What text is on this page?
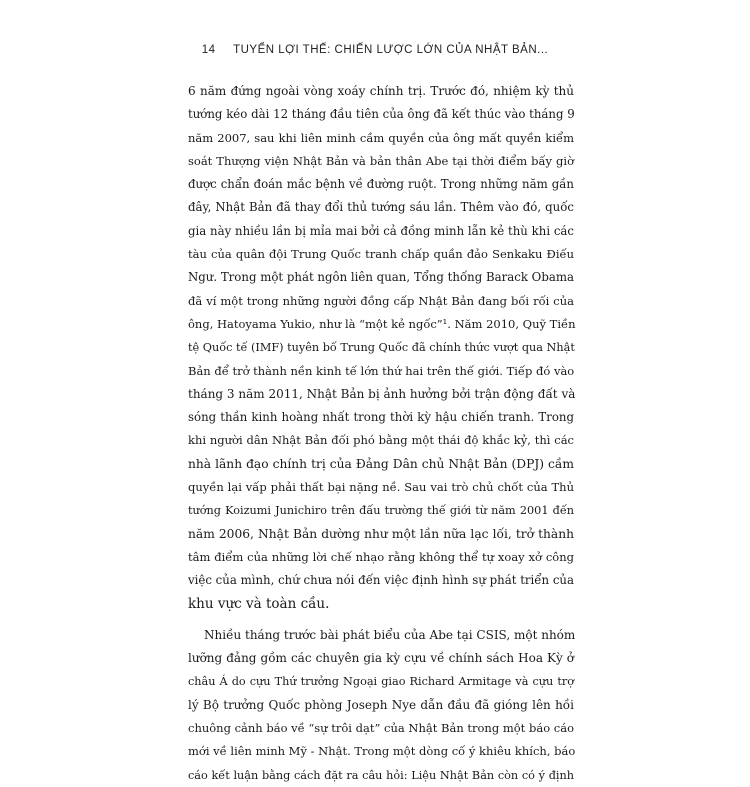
14 TUYỂN LỢI THẾ: CHIẾN LƯỢC LỚN CỦA NHẬT BẢN...
6 năm đứng ngoài vòng xoáy chính trị. Trước đó, nhiệm kỳ thủ
tướng kéo dài 12 tháng đầu tiên của ông đã kết thúc vào tháng 9
năm 2007, sau khi liên minh cầm quyền của ông mất quyền kiểm
soát Thượng viện Nhật Bản và bản thân Abe tại thời điểm bấy giờ
được chẩn đoán mắc bệnh về đường ruột. Trong những năm gần
đây, Nhật Bản đã thay đổi thủ tướng sáu lần. Thêm vào đó, quốc
gia này nhiều lần bị mỉa mai bởi cả đồng minh lẫn kẻ thù khi các
tàu của quân đội Trung Quốc tranh chấp quần đảo Senkaku Điếu
Ngư. Trong một phát ngôn liên quan, Tổng thống Barack Obama
đã ví một trong những người đồng cấp Nhật Bản đang bối rối của
ông, Hatoyama Yukio, như là “một kẻ ngốc”¹. Năm 2010, Quỹ Tiền
tệ Quốc tế (IMF) tuyên bố Trung Quốc đã chính thức vượt qua Nhật
Bản để trở thành nền kinh tế lớn thứ hai trên thế giới. Tiếp đó vào
tháng 3 năm 2011, Nhật Bản bị ảnh hưởng bởi trận động đất và
sóng thần kinh hoàng nhất trong thời kỳ hậu chiến tranh. Trong
khi người dân Nhật Bản đối phó bằng một thái độ khắc kỷ, thì các
nhà lãnh đạo chính trị của Đảng Dân chủ Nhật Bản (DPJ) cầm
quyền lại vấp phải thất bại nặng nề. Sau vai trò chủ chốt của Thủ
tướng Koizumi Junichiro trên đấu trường thế giới từ năm 2001 đến
năm 2006, Nhật Bản dường như một lần nữa lạc lối, trở thành
tâm điểm của những lời chế nhạo rằng không thể tự xoay xở công
việc của mình, chứ chưa nói đến việc định hình sự phát triển của
khu vực và toàn cầu.
Nhiều tháng trước bài phát biểu của Abe tại CSIS, một nhóm
lưỡng đảng gồm các chuyên gia kỳ cựu về chính sách Hoa Kỳ ở
châu Á do cựu Thứ trưởng Ngoại giao Richard Armitage và cựu trợ
lý Bộ trưởng Quốc phòng Joseph Nye dẫn đầu đã gióng lên hồi
chuông cảnh báo về “sự trôi dạt” của Nhật Bản trong một báo cáo
mới về liên minh Mỹ - Nhật. Trong một dòng cố ý khiêu khích, báo
cáo kết luận bằng cách đặt ra câu hỏi: Liệu Nhật Bản còn có ý định
